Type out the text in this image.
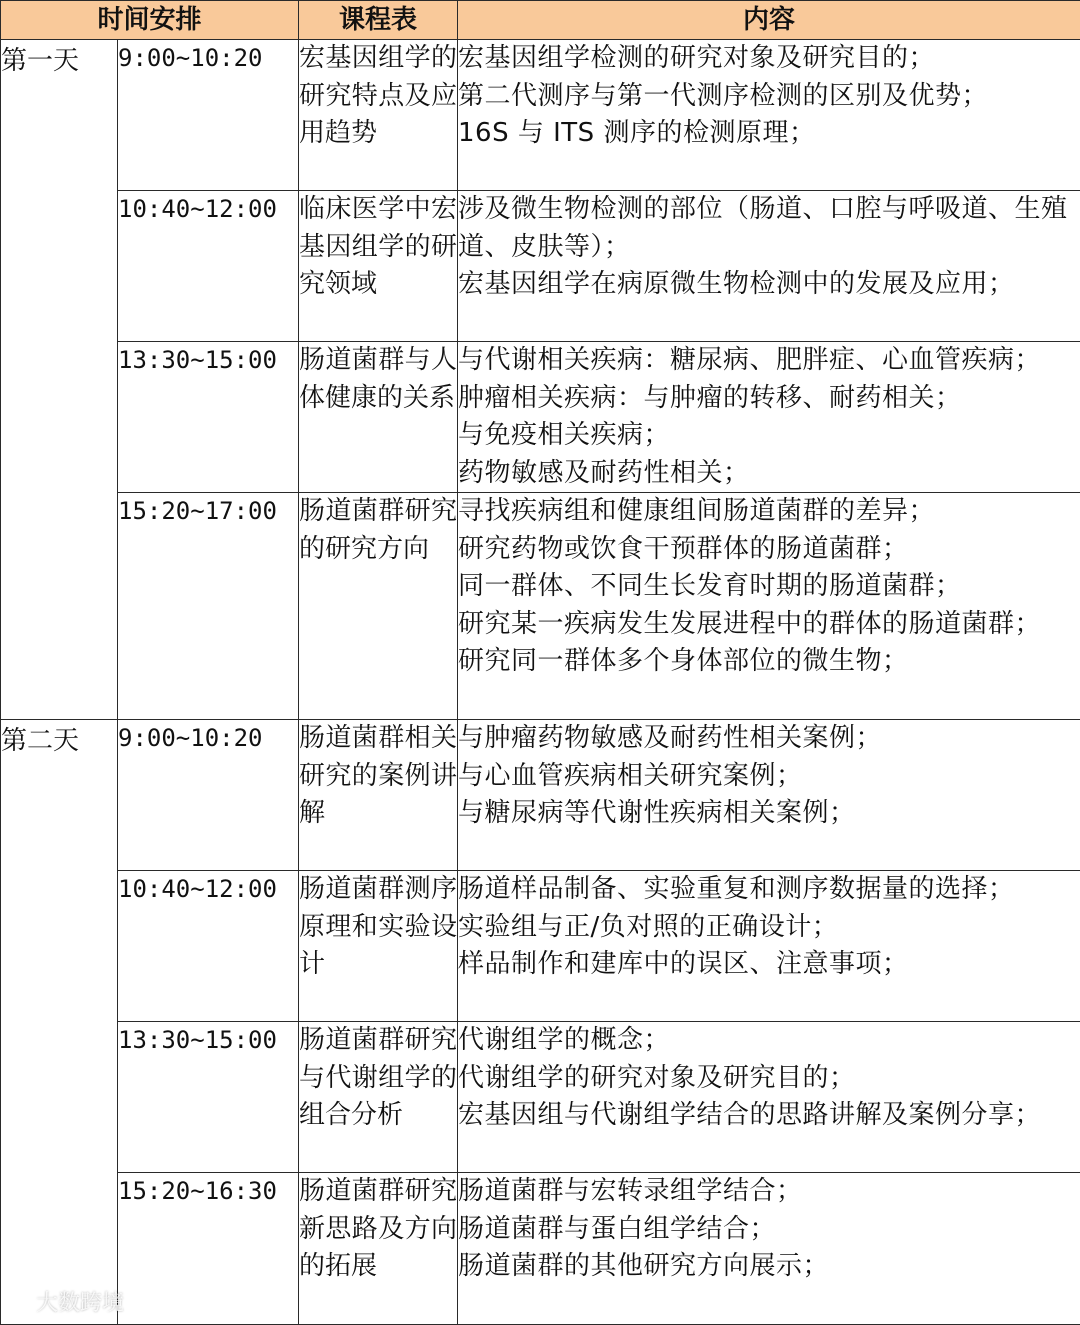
时间安排		课程表	内容
第一天	9:00~10:20	宏基因组学的研究特点及应用趋势	宏基因组学检测的研究对象及研究目的；
第二代测序与第一代测序检测的区别及优势；
16S 与 ITS 测序的检测原理；

	10:40~12:00	临床医学中宏基因组学的研究领域	涉及微生物检测的部位（肠道、口腔与呼吸道、生殖道、皮肤等）；
宏基因组学在病原微生物检测中的发展及应用；

	13:30~15:00	肠道菌群与人体健康的关系	与代谢相关疾病：糖尿病、肥胖症、心血管疾病；
肿瘤相关疾病：与肿瘤的转移、耐药相关；
与免疫相关疾病；
药物敏感及耐药性相关；

	15:20~17:00	肠道菌群研究的研究方向	寻找疾病组和健康组间肠道菌群的差异；
研究药物或饮食干预群体的肠道菌群；
同一群体、不同生长发育时期的肠道菌群；
研究某一疾病发生发展进程中的群体的肠道菌群；
研究同一群体多个身体部位的微生物；

第二天	9:00~10:20	肠道菌群相关研究的案例讲解	与肿瘤药物敏感及耐药性相关案例；
与心血管疾病相关研究案例；
与糖尿病等代谢性疾病相关案例；

	10:40~12:00	肠道菌群测序原理和实验设计	肠道样品制备、实验重复和测序数据量的选择；
实验组与正/负对照的正确设计；
样品制作和建库中的误区、注意事项；

	13:30~15:00	肠道菌群研究与代谢组学的组合分析	代谢组学的概念；
代谢组学的研究对象及研究目的；
宏基因组与代谢组学结合的思路讲解及案例分享；

	15:20~16:30	肠道菌群研究新思路及方向的拓展	肠道菌群与宏转录组学结合；
肠道菌群与蛋白组学结合；
肠道菌群的其他研究方向展示；
大数跨境
